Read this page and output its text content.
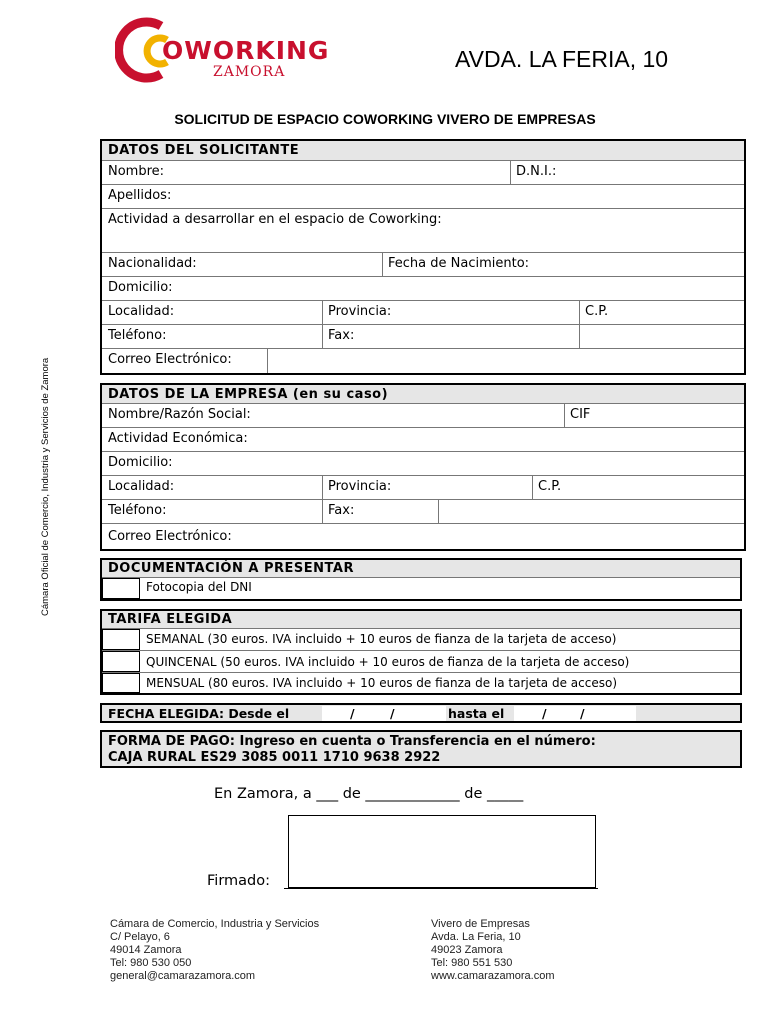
OWORKING
ZAMORA	AVDA. LA FERIA, 10
SOLICITUD DE ESPACIO COWORKING VIVERO DE EMPRESAS
Cámara Oficial de Comercio, Industria y Servicios de Zamora
DATOS DEL SOLICITANTE
Nombre:	D.N.I.:
Apellidos:
Actividad a desarrollar en el espacio de Coworking:
Nacionalidad:	Fecha de Nacimiento:
Domicilio:
Localidad:	Provincia:	C.P.
Teléfono:	Fax:
Correo Electrónico:
DATOS DE LA EMPRESA (en su caso)
Nombre/Razón Social:	CIF
Actividad Económica:
Domicilio:
Localidad:	Provincia:	C.P.
Teléfono:	Fax:
Correo Electrónico:
DOCUMENTACIÓN A PRESENTAR
Fotocopia del DNI
TARIFA ELEGIDA
SEMANAL (30 euros. IVA incluido + 10 euros de fianza de la tarjeta de acceso)
QUINCENAL (50 euros. IVA incluido + 10 euros de fianza de la tarjeta de acceso)
MENSUAL (80 euros. IVA incluido + 10 euros de fianza de la tarjeta de acceso)
FECHA ELEGIDA: Desde el	/	/	hasta el	/	/
FORMA DE PAGO: Ingreso en cuenta o Transferencia en el número:
CAJA RURAL ES29 3085 0011 1710 9638 2922
En Zamora, a ___ de _____________ de _____
Firmado:
Cámara de Comercio, Industria y Servicios
C/ Pelayo, 6
49014 Zamora
Tel: 980 530 050
general@camarazamora.com
Vivero de Empresas
Avda. La Feria, 10
49023 Zamora
Tel: 980 551 530
www.camarazamora.com
